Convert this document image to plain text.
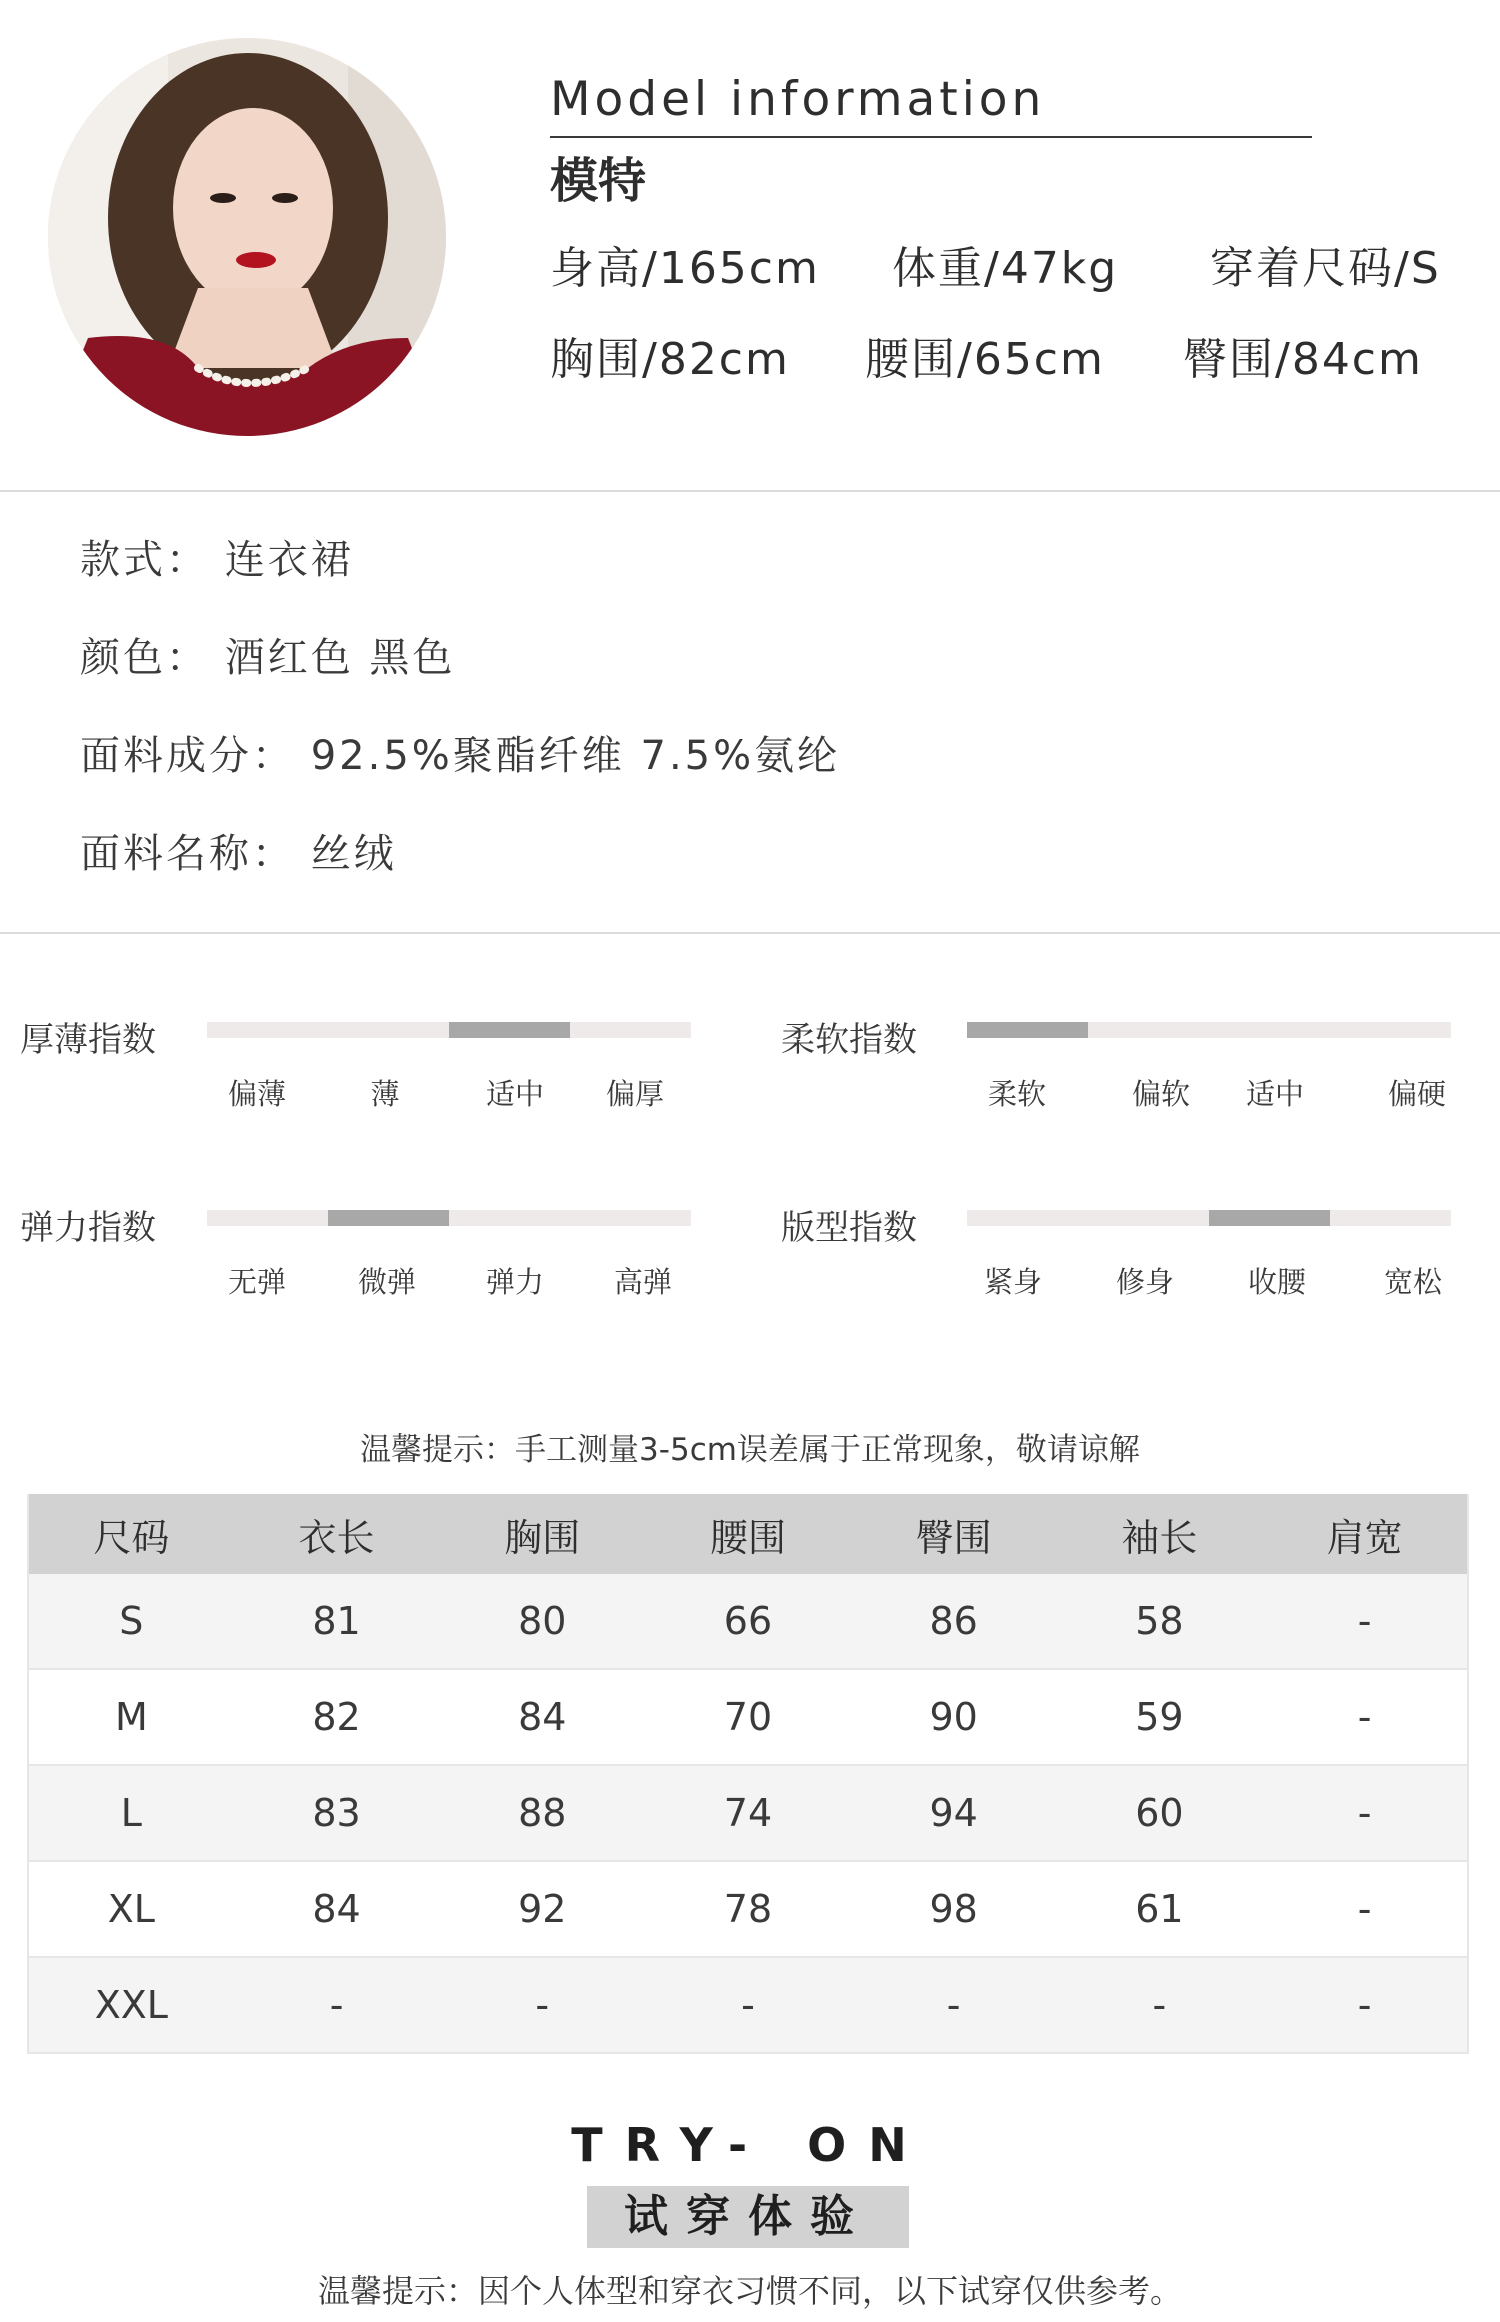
Model information
模特
身高/165cm 体重/47kg 穿着尺码/S
胸围/82cm 腰围/65cm 臀围/84cm
款式： 连衣裙
颜色： 酒红色 黑色
面料成分： 92.5%聚酯纤维 7.5%氨纶
面料名称： 丝绒
厚薄指数
偏薄	薄	适中 偏厚
柔软指数
柔软	偏软 适中	偏硬
弹力指数
无弹 微弹 弹力 高弹
版型指数
紧身	修身	收腰	宽松
温馨提示：手工测量3-5cm误差属于正常现象，敬请谅解
尺码	衣长	胸围	腰围	臀围	袖长	肩宽
S	81	80	66	86	58	-
M	82	84	70	90	59	-
L	83	88	74	94	60	-
XL	84	92	78	98	61	-
XXL	-	-	-	-	-	-
TRY- ON
试穿体验
温馨提示：因个人体型和穿衣习惯不同，以下试穿仅供参考。
